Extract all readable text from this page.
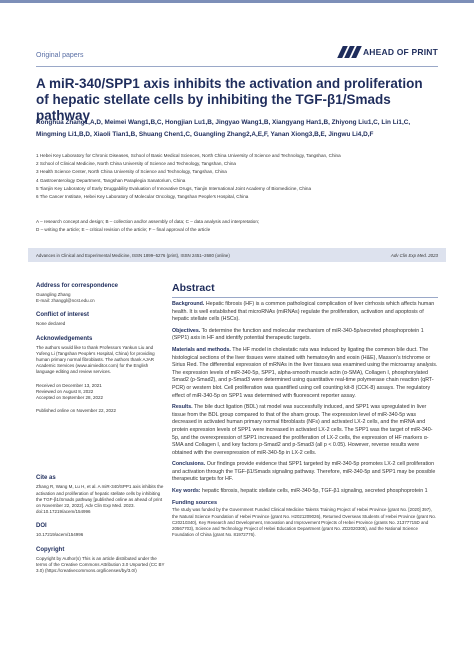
Original papers	AHEAD OF PRINT
A miR-340/SPP1 axis inhibits the activation and proliferation of hepatic stellate cells by inhibiting the TGF-β1/Smads pathway
Ronghua Zhang1,A,D, Meimei Wang1,B,C, Hongjian Lu1,B, Jingyao Wang1,B, Xiangyang Han1,B, Zhiyong Liu1,C, Lin Li1,C, Mingming Li1,B,D, Xiaoli Tian1,B, Shuang Chen1,C, Guangling Zhang2,A,E,F, Yanan Xiong3,B,E, Jingwu Li4,D,F
1 Hebei Key Laboratory for Chronic Diseases, School of Basic Medical Sciences, North China University of Science and Technology, Tangshan, China
2 School of Clinical Medicine, North China University of Science and Technology, Tangshan, China
3 Health Science Center, North China University of Science and Technology, Tangshan, China
4 Gastroenterology Department, Tangshan Paraplegia Sanatorium, China
5 Tianjin Key Laboratory of Early Druggability Evaluation of Innovative Drugs, Tianjin International Joint Academy of Biomedicine, China
6 The Cancer Institute, Hebei Key Laboratory of Molecular Oncology, Tangshan People's Hospital, China
A – research concept and design; B – collection and/or assembly of data; C – data analysis and interpretation;
D – writing the article; E – critical revision of the article; F – final approval of the article
Advances in Clinical and Experimental Medicine, ISSN 1899–5276 (print), ISSN 2451–2680 (online)	Adv Clin Exp Med. 2023
Address for correspondence

Guangling Zhang

E-mail: zhanggl@ncst.edu.cn

Conflict of interest

None declared

Acknowledgements

The authors would like to thank Professors Yankun Liu and Yufeng Li (Tangshan People's Hospital, China) for providing human primary normal fibroblasts. The authors thank AJAR Academic Services (www.aimieditor.com) for the English language editing and review services.

Received on December 13, 2021

Reviewed on August 8, 2022

Accepted on September 28, 2022

Published online on November 22, 2022

Cite as

Zhang R, Wang M, Lu H, et al. A miR-340/SPP1 axis inhibits the activation and proliferation of hepatic stellate cells by inhibiting the TGF-β1/Smads pathway [published online as ahead of print on November 22, 2022]. Adv Clin Exp Med. 2023. doi:10.17219/acem/154996

DOI

10.17219/acem/154996

Copyright

Copyright by Author(s) This is an article distributed under the terms of the Creative Commons Attribution 3.0 Unported (CC BY 3.0) (https://creativecommons.org/licenses/by/3.0/)

Abstract

Background. Hepatic fibrosis (HF) is a common pathological complication of liver cirrhosis which affects human health. It is well established that microRNAs (miRNAs) regulate the proliferation, activation and apoptosis of hepatic stellate cells (HSCs).

Objectives. To determine the function and molecular mechanism of miR-340-5p/secreted phosphoprotein 1 (SPP1) axis in HF and identify potential therapeutic targets.

Materials and methods. The HF model in cholestatic rats was induced by ligating the common bile duct. The histological sections of the liver tissues were stained with hematoxylin and eosin (H&E), Masson's trichrome or Sirius Red. The differential expression of mRNAs in the liver tissues was examined using the microarray analysis. The expression levels of miR-340-5p, SPP1, alpha-smooth muscle actin (α-SMA), Collagen I, phosphorylated Smad2 (p-Smad2), and p-Smad3 were determined using quantitative real-time polymerase chain reaction (qRT-PCR) or western blot. Cell proliferation was quantified using cell counting kit-8 (CCK-8) assays. The regulatory effect of miR-340-5p on SPP1 was determined with fluorescent reporter assay.

Results. The bile duct ligation (BDL) rat model was successfully induced, and SPP1 was upregulated in liver tissue from the BDL group compared to that of the sham group. The expression level of miR-340-5p was decreased in activated human primary normal fibroblasts (NFs) and activated LX-2 cells, and the mRNA and protein expression levels of SPP1 were increased in activated LX-2 cells. The SPP1 was the target of miR-340-5p, and the overexpression of SPP1 increased the proliferation of LX-2 cells, the expression of HF markers α-SMA and Collagen I, and key factors p-Smad2 and p-Smad3 (all p < 0.05). However, reverse results were obtained with the overexpression of miR-340-5p in LX-2 cells.

Conclusions. Our findings provide evidence that SPP1 targeted by miR-340-5p promotes LX-2 cell proliferation and activation through the TGF-β1/Smads signaling pathway. Therefore, miR-340-5p and SPP1 may be possible therapeutic targets for HF.

Key words: hepatic fibrosis, hepatic stellate cells, miR-340-5p, TGF-β1 signaling, secreted phosphoprotein 1

Funding sources

The study was funded by the Government Funded Clinical Medicine Talents Training Project of Hebei Province (grant No. [2020] 397), the Natural Science Foundation of Hebei Province (grant No. H2021209026), Returned Overseas Students of Hebei Province (grant No. C20210340), Key Research and Development, Innovation and Improvement Projects of Hebei Province (grants No. 21377715D and 20567703), Science and Technology Project of Hebei Education Department (grant No. ZD2020305), and the National Science Foundation of China (grant No. 81972776).
